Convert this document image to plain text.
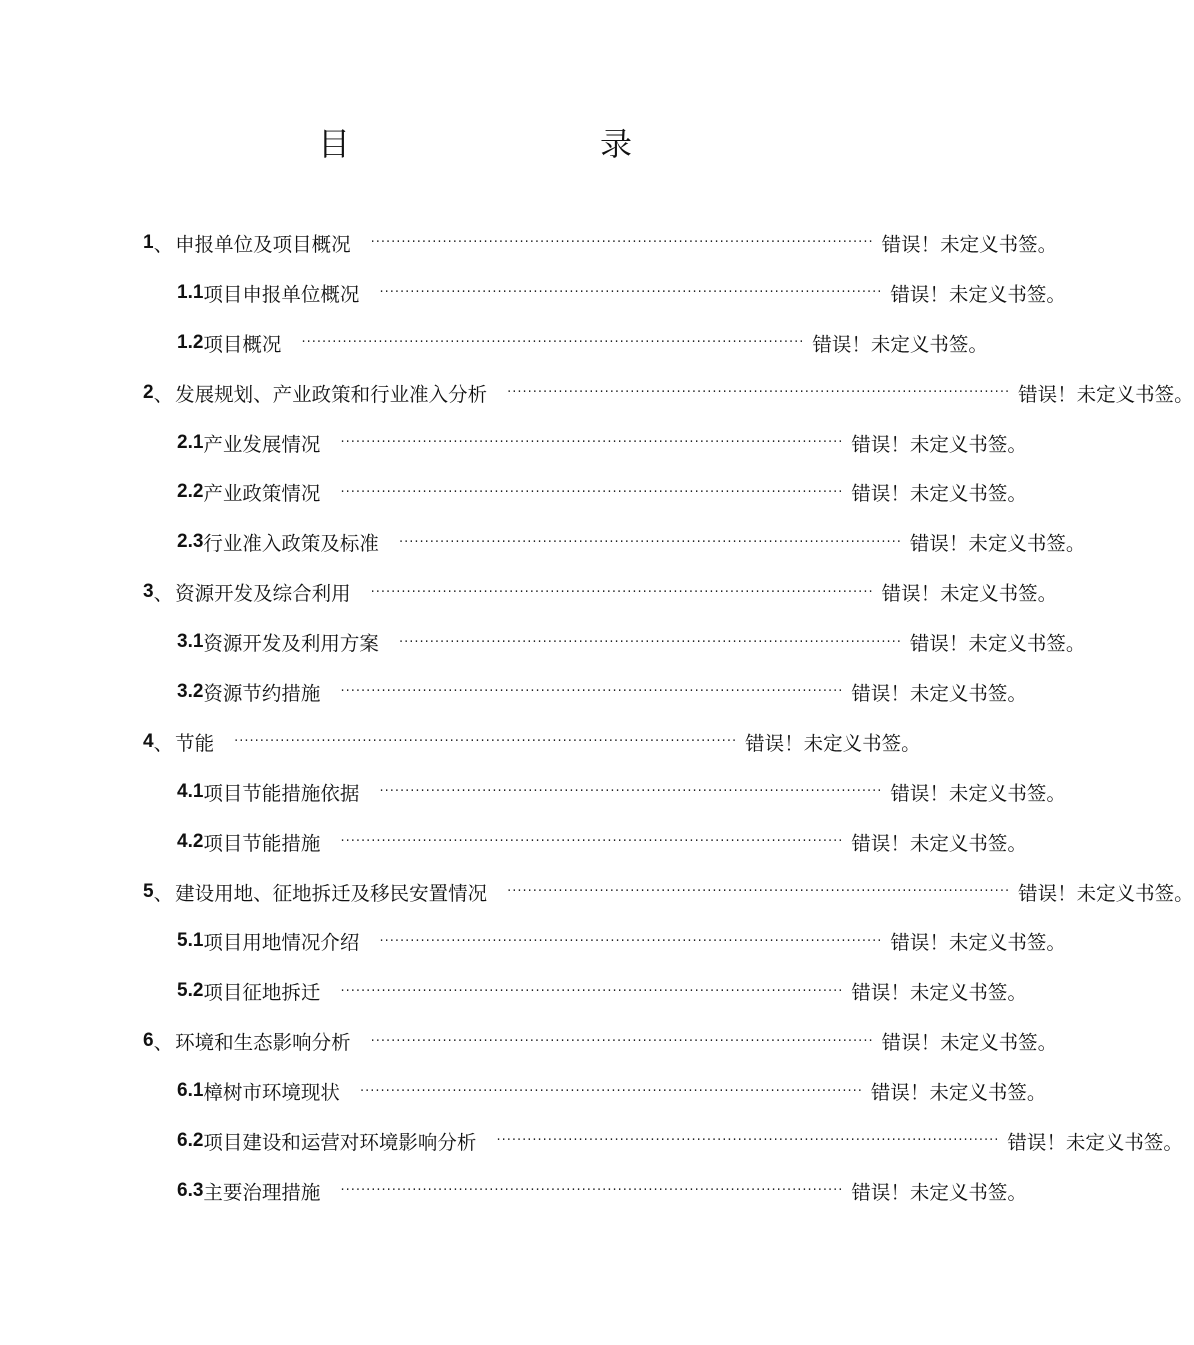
目　　录
1 、 申报单位及项目概况 ·································································································· 错误！未定义书签。
1.1 项目申报单位概况 ·································································································· 错误！未定义书签。
1.2 项目概况 ·································································································· 错误！未定义书签。
2 、 发展规划、产业政策和行业准入分析 ·································································································· 错误！未定义书签。
2.1 产业发展情况 ·································································································· 错误！未定义书签。
2.2 产业政策情况 ·································································································· 错误！未定义书签。
2.3 行业准入政策及标准 ·································································································· 错误！未定义书签。
3 、 资源开发及综合利用 ·································································································· 错误！未定义书签。
3.1 资源开发及利用方案 ·································································································· 错误！未定义书签。
3.2 资源节约措施 ·································································································· 错误！未定义书签。
4 、 节能 ·································································································· 错误！未定义书签。
4.1 项目节能措施依据 ·································································································· 错误！未定义书签。
4.2 项目节能措施 ·································································································· 错误！未定义书签。
5 、 建设用地、征地拆迁及移民安置情况 ·································································································· 错误！未定义书签。
5.1 项目用地情况介绍 ·································································································· 错误！未定义书签。
5.2 项目征地拆迁 ·································································································· 错误！未定义书签。
6 、 环境和生态影响分析 ·································································································· 错误！未定义书签。
6.1 樟树市环境现状 ·································································································· 错误！未定义书签。
6.2 项目建设和运营对环境影响分析 ·································································································· 错误！未定义书签。
6.3 主要治理措施 ·································································································· 错误！未定义书签。
